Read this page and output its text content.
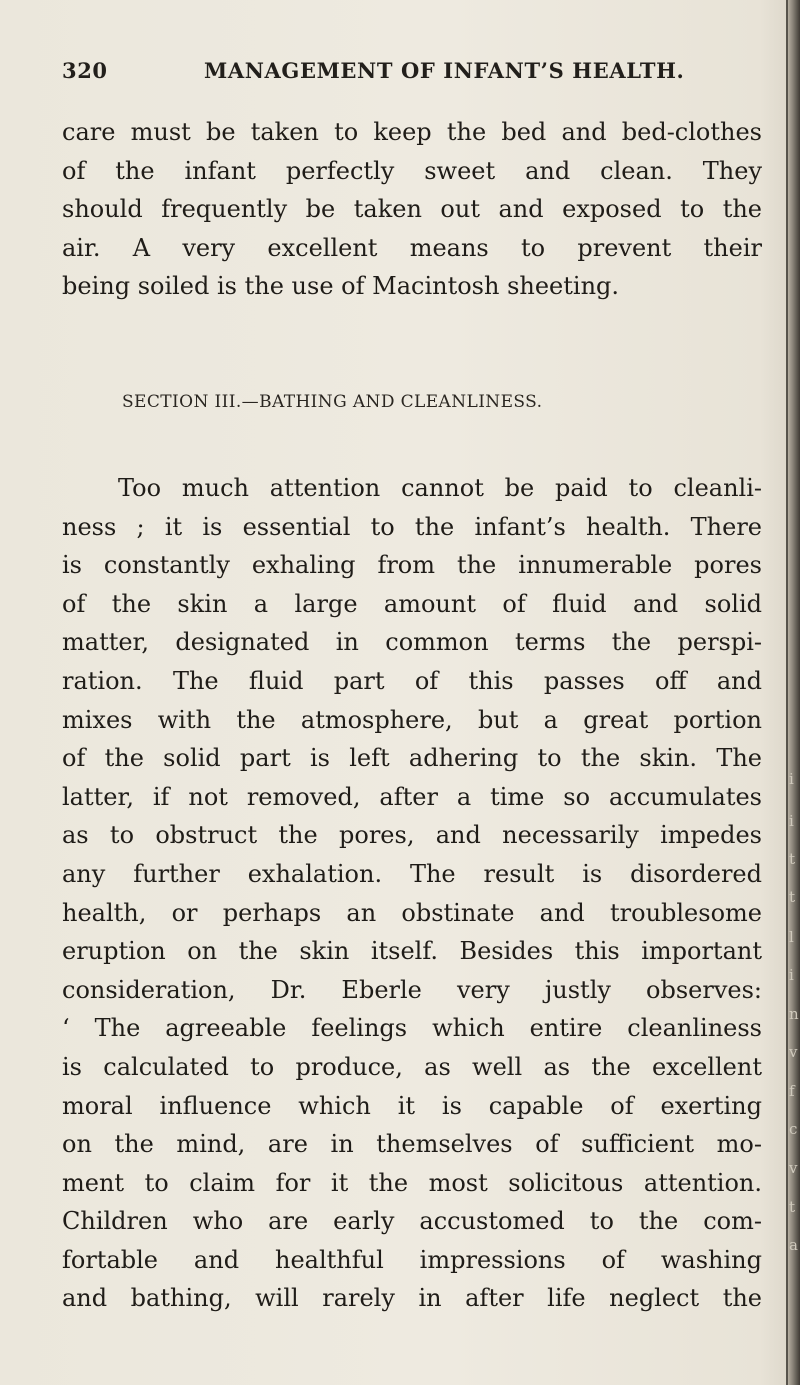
320	MANAGEMENT OF INFANT’S HEALTH.
care must be taken to keep the bed and bed-clothes
of the infant perfectly sweet and clean. They
should frequently be taken out and exposed to the
air. A very excellent means to prevent their
being soiled is the use of Macintosh sheeting.
SECTION III.—BATHING AND CLEANLINESS.
Too much attention cannot be paid to cleanli-
ness ; it is essential to the infant’s health. There
is constantly exhaling from the innumerable pores
of the skin a large amount of fluid and solid
matter, designated in common terms the perspi-
ration. The fluid part of this passes off and
mixes with the atmosphere, but a great portion
of the solid part is left adhering to the skin. The
latter, if not removed, after a time so accumulates
as to obstruct the pores, and necessarily impedes
any further exhalation. The result is disordered
health, or perhaps an obstinate and troublesome
eruption on the skin itself. Besides this important
consideration, Dr. Eberle very justly observes:
‘ The agreeable feelings which entire cleanliness
is calculated to produce, as well as the excellent
moral influence which it is capable of exerting
on the mind, are in themselves of sufficient mo-
ment to claim for it the most solicitous attention.
Children who are early accustomed to the com-
fortable and healthful impressions of washing
and bathing, will rarely in after life neglect the
i
i
t
t
l
i
n
v
f
c
v
t
a
